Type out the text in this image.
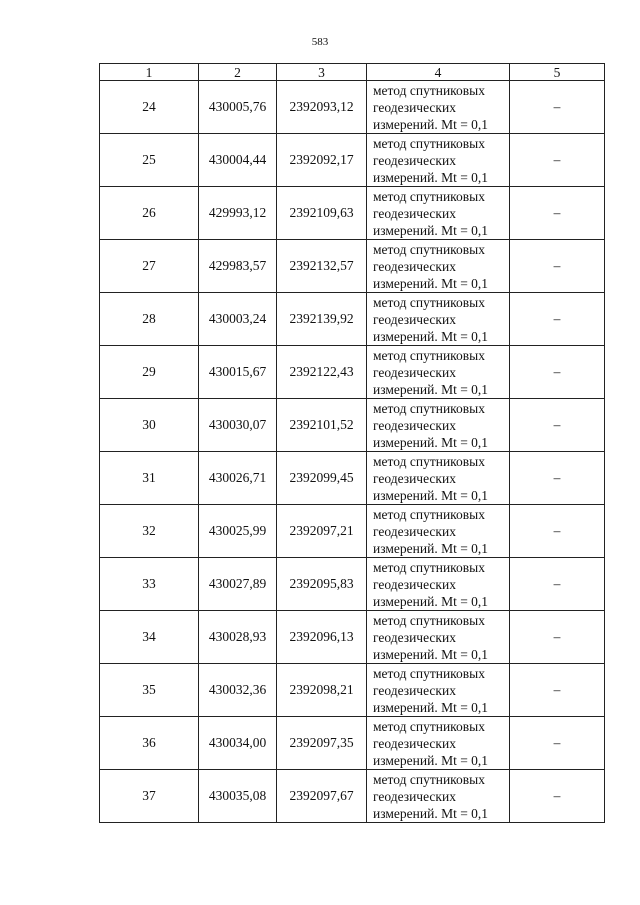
583
1	2	3	4	5
24	430005,76	2392093,12	метод спутниковых
геодезических
измерений. Mt = 0,1	–
25	430004,44	2392092,17	метод спутниковых
геодезических
измерений. Mt = 0,1	–
26	429993,12	2392109,63	метод спутниковых
геодезических
измерений. Mt = 0,1	–
27	429983,57	2392132,57	метод спутниковых
геодезических
измерений. Mt = 0,1	–
28	430003,24	2392139,92	метод спутниковых
геодезических
измерений. Mt = 0,1	–
29	430015,67	2392122,43	метод спутниковых
геодезических
измерений. Mt = 0,1	–
30	430030,07	2392101,52	метод спутниковых
геодезических
измерений. Mt = 0,1	–
31	430026,71	2392099,45	метод спутниковых
геодезических
измерений. Mt = 0,1	–
32	430025,99	2392097,21	метод спутниковых
геодезических
измерений. Mt = 0,1	–
33	430027,89	2392095,83	метод спутниковых
геодезических
измерений. Mt = 0,1	–
34	430028,93	2392096,13	метод спутниковых
геодезических
измерений. Mt = 0,1	–
35	430032,36	2392098,21	метод спутниковых
геодезических
измерений. Mt = 0,1	–
36	430034,00	2392097,35	метод спутниковых
геодезических
измерений. Mt = 0,1	–
37	430035,08	2392097,67	метод спутниковых
геодезических
измерений. Mt = 0,1	–
